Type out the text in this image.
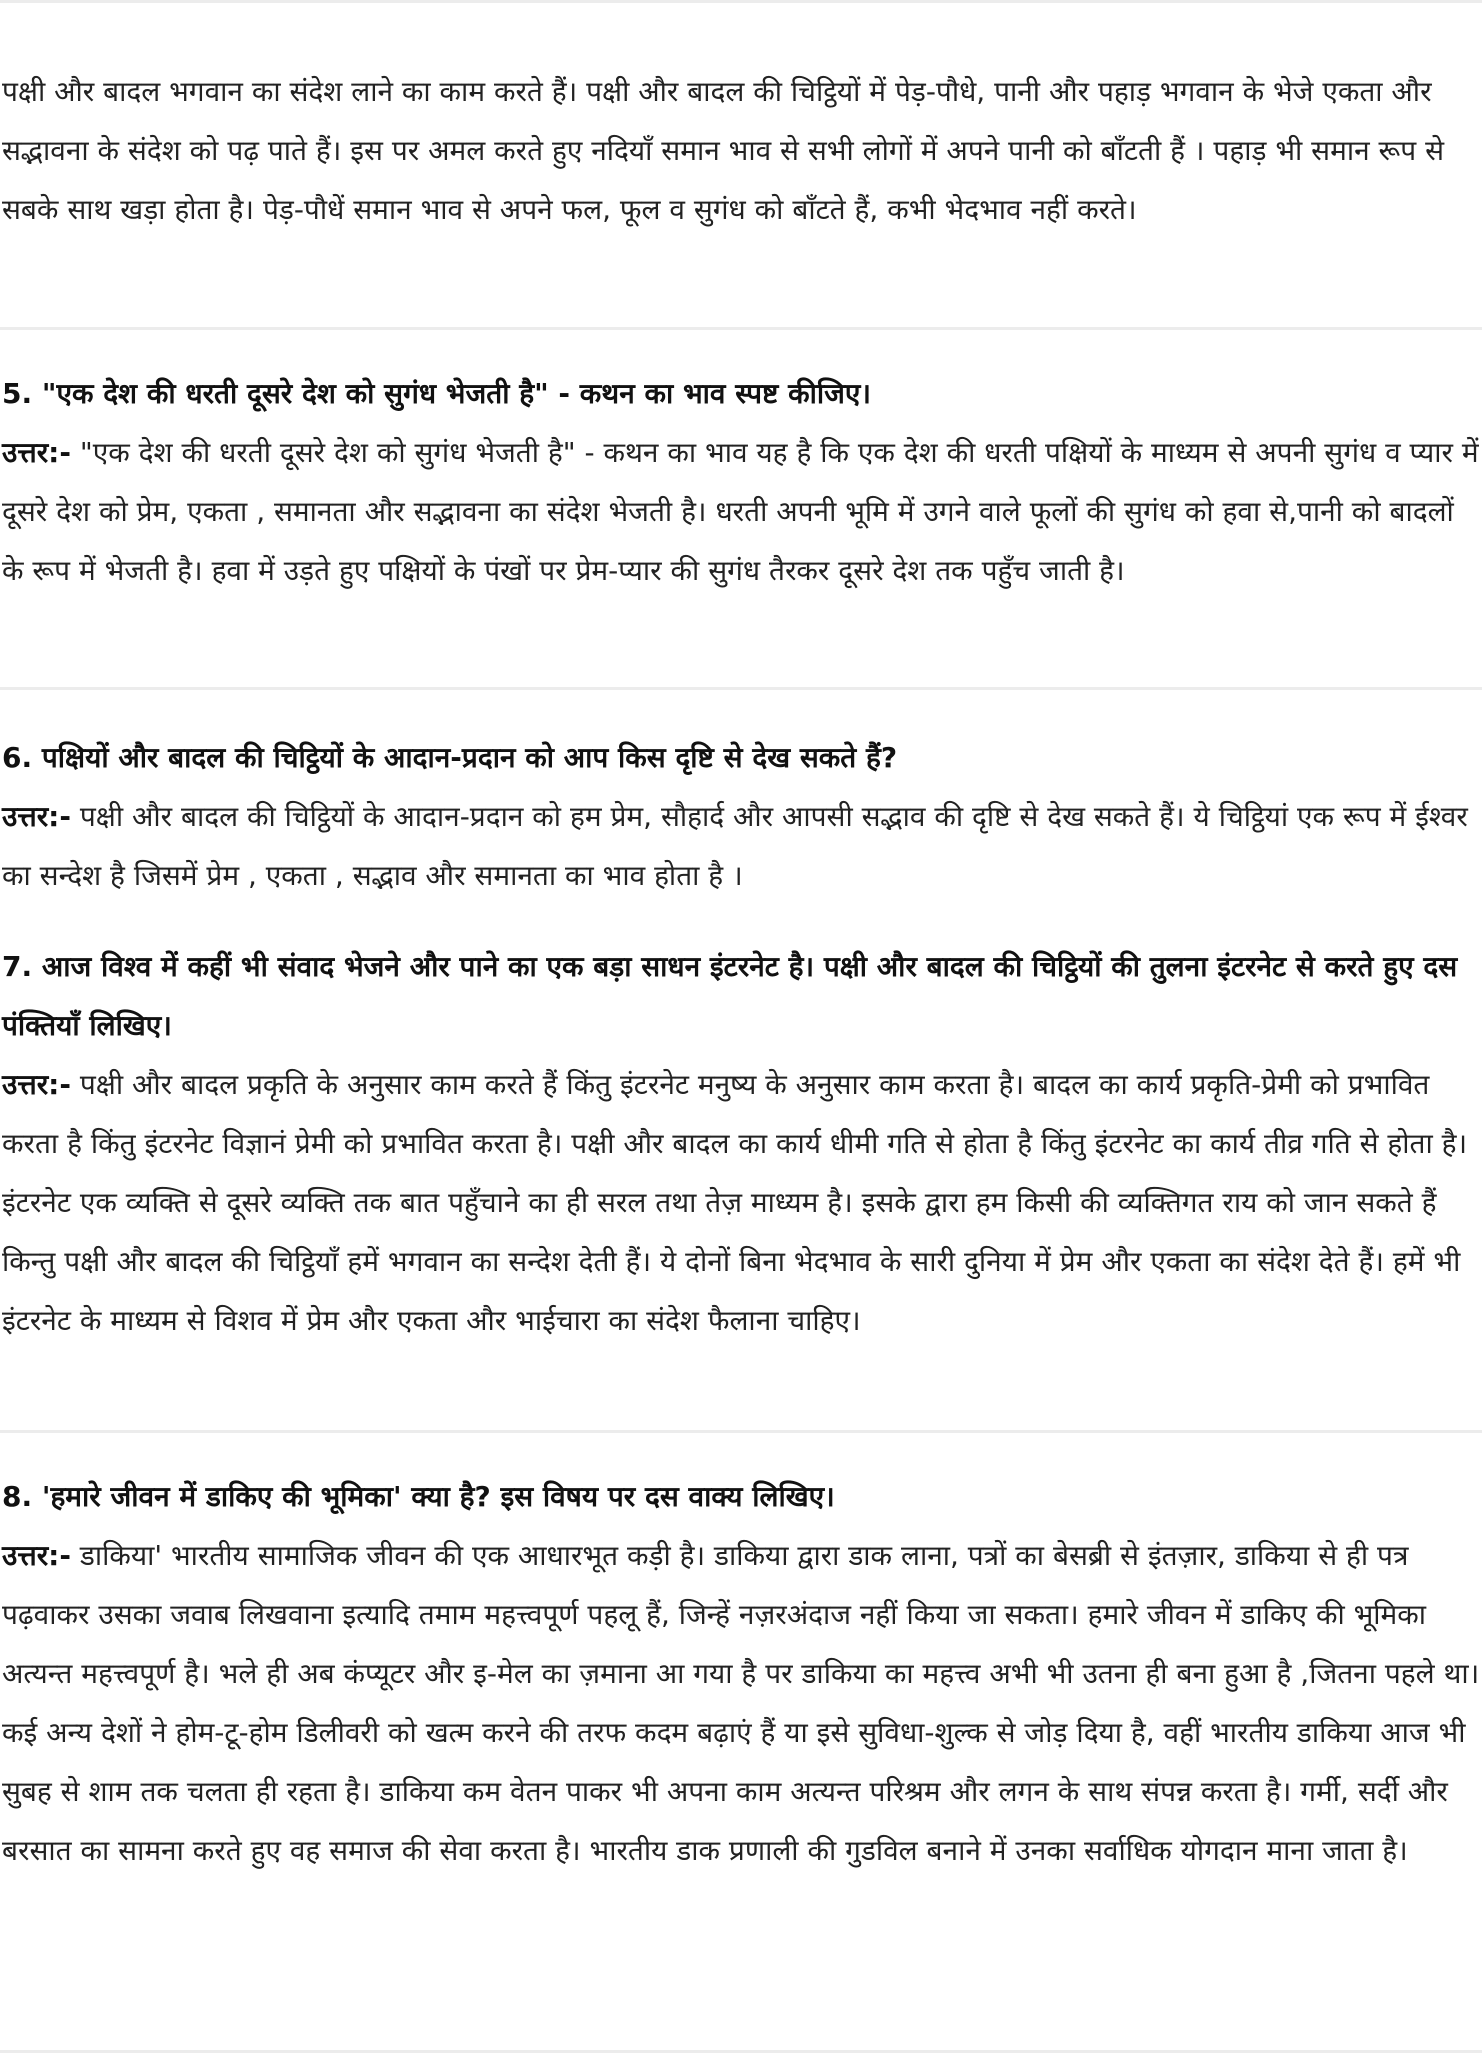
पक्षी और बादल भगवान का संदेश लाने का काम करते हैं। पक्षी और बादल की चिट्ठियों में पेड़-पौधे, पानी और पहाड़ भगवान के भेजे एकता और सद्भावना के संदेश को पढ़ पाते हैं। इस पर अमल करते हुए नदियाँ समान भाव से सभी लोगों में अपने पानी को बाँटती हैं । पहाड़ भी समान रूप से सबके साथ खड़ा होता है। पेड़-पौधें समान भाव से अपने फल, फूल व सुगंध को बाँटते हैं, कभी भेदभाव नहीं करते।

5. "एक देश की धरती दूसरे देश को सुगंध भेजती है" - कथन का भाव स्पष्ट कीजिए।

उत्तर:- "एक देश की धरती दूसरे देश को सुगंध भेजती है" - कथन का भाव यह है कि एक देश की धरती पक्षियों के माध्यम से अपनी सुगंध व प्यार में दूसरे देश को प्रेम, एकता , समानता और सद्भावना का संदेश भेजती है। धरती अपनी भूमि में उगने वाले फूलों की सुगंध को हवा से,पानी को बादलों के रूप में भेजती है। हवा में उड़ते हुए पक्षियों के पंखों पर प्रेम-प्यार की सुगंध तैरकर दूसरे देश तक पहुँच जाती है।

6. पक्षियों और बादल की चिट्ठियों के आदान-प्रदान को आप किस दृष्टि से देख सकते हैं?

उत्तर:- पक्षी और बादल की चिट्ठियों के आदान-प्रदान को हम प्रेम, सौहार्द और आपसी सद्भाव की दृष्टि से देख सकते हैं। ये चिट्ठियां एक रूप में ईश्वर का सन्देश है जिसमें प्रेम , एकता , सद्भाव और समानता का भाव होता है ।

7. आज विश्व में कहीं भी संवाद भेजने और पाने का एक बड़ा साधन इंटरनेट है। पक्षी और बादल की चिट्ठियों की तुलना इंटरनेट से करते हुए दस पंक्तियाँ लिखिए।

उत्तर:- पक्षी और बादल प्रकृति के अनुसार काम करते हैं किंतु इंटरनेट मनुष्य के अनुसार काम करता है। बादल का कार्य प्रकृति-प्रेमी को प्रभावित करता है किंतु इंटरनेट विज्ञानं प्रेमी को प्रभावित करता है। पक्षी और बादल का कार्य धीमी गति से होता है किंतु इंटरनेट का कार्य तीव्र गति से होता है। इंटरनेट एक व्यक्ति से दूसरे व्यक्ति तक बात पहुँचाने का ही सरल तथा तेज़ माध्यम है। इसके द्वारा हम किसी की व्यक्तिगत राय को जान सकते हैं किन्तु पक्षी और बादल की चिट्ठियाँ हमें भगवान का सन्देश देती हैं। ये दोनों बिना भेदभाव के सारी दुनिया में प्रेम और एकता का संदेश देते हैं। हमें भी इंटरनेट के माध्यम से विशव में प्रेम और एकता और भाईचारा का संदेश फैलाना चाहिए।

8. 'हमारे जीवन में डाकिए की भूमिका' क्या है? इस विषय पर दस वाक्य लिखिए।

उत्तर:- डाकिया' भारतीय सामाजिक जीवन की एक आधारभूत कड़ी है। डाकिया द्वारा डाक लाना, पत्रों का बेसब्री से इंतज़ार, डाकिया से ही पत्र पढ़वाकर उसका जवाब लिखवाना इत्यादि तमाम महत्त्वपूर्ण पहलू हैं, जिन्हें नज़रअंदाज नहीं किया जा सकता। हमारे जीवन में डाकिए की भूमिका अत्यन्त महत्त्वपूर्ण है। भले ही अब कंप्यूटर और इ-मेल का ज़माना आ गया है पर डाकिया का महत्त्व अभी भी उतना ही बना हुआ है ,जितना पहले था।

कई अन्य देशों ने होम-टू-होम डिलीवरी को खत्म करने की तरफ कदम बढ़ाएं हैं या इसे सुविधा-शुल्क से जोड़ दिया है, वहीं भारतीय डाकिया आज भी सुबह से शाम तक चलता ही रहता है। डाकिया कम वेतन पाकर भी अपना काम अत्यन्त परिश्रम और लगन के साथ संपन्न करता है। गर्मी, सर्दी और बरसात का सामना करते हुए वह समाज की सेवा करता है। भारतीय डाक प्रणाली की गुडविल बनाने में उनका सर्वाधिक योगदान माना जाता है।
